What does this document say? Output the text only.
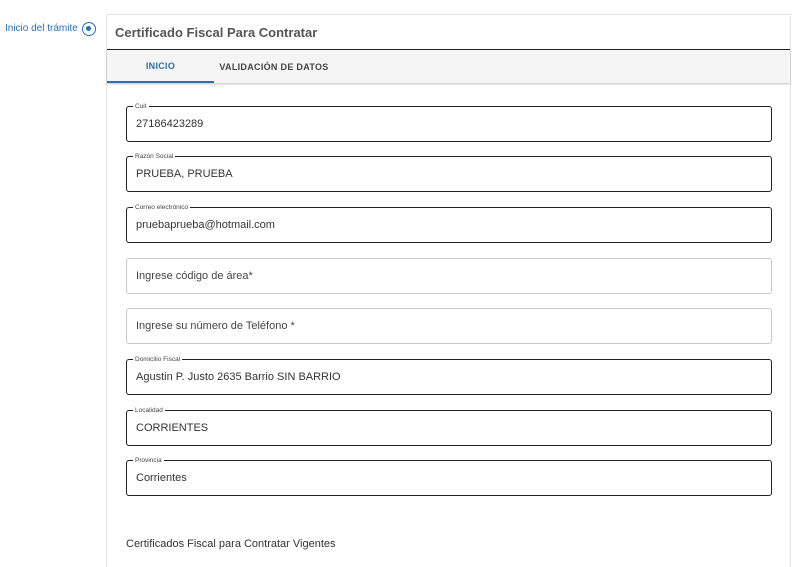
Inicio del trámite	Certificado Fiscal Para Contratar
INICIO	VALIDACIÓN DE DATOS
Cuit
27186423289
Razón Social
PRUEBA, PRUEBA
Correo electrónico
pruebaprueba@hotmail.com
Ingrese código de área*
Ingrese su número de Teléfono *
Domicilio Fiscal
Agustin P. Justo 2635 Barrio SIN BARRIO
Localidad
CORRIENTES
Provincia
Corrientes
Certificados Fiscal para Contratar Vigentes
